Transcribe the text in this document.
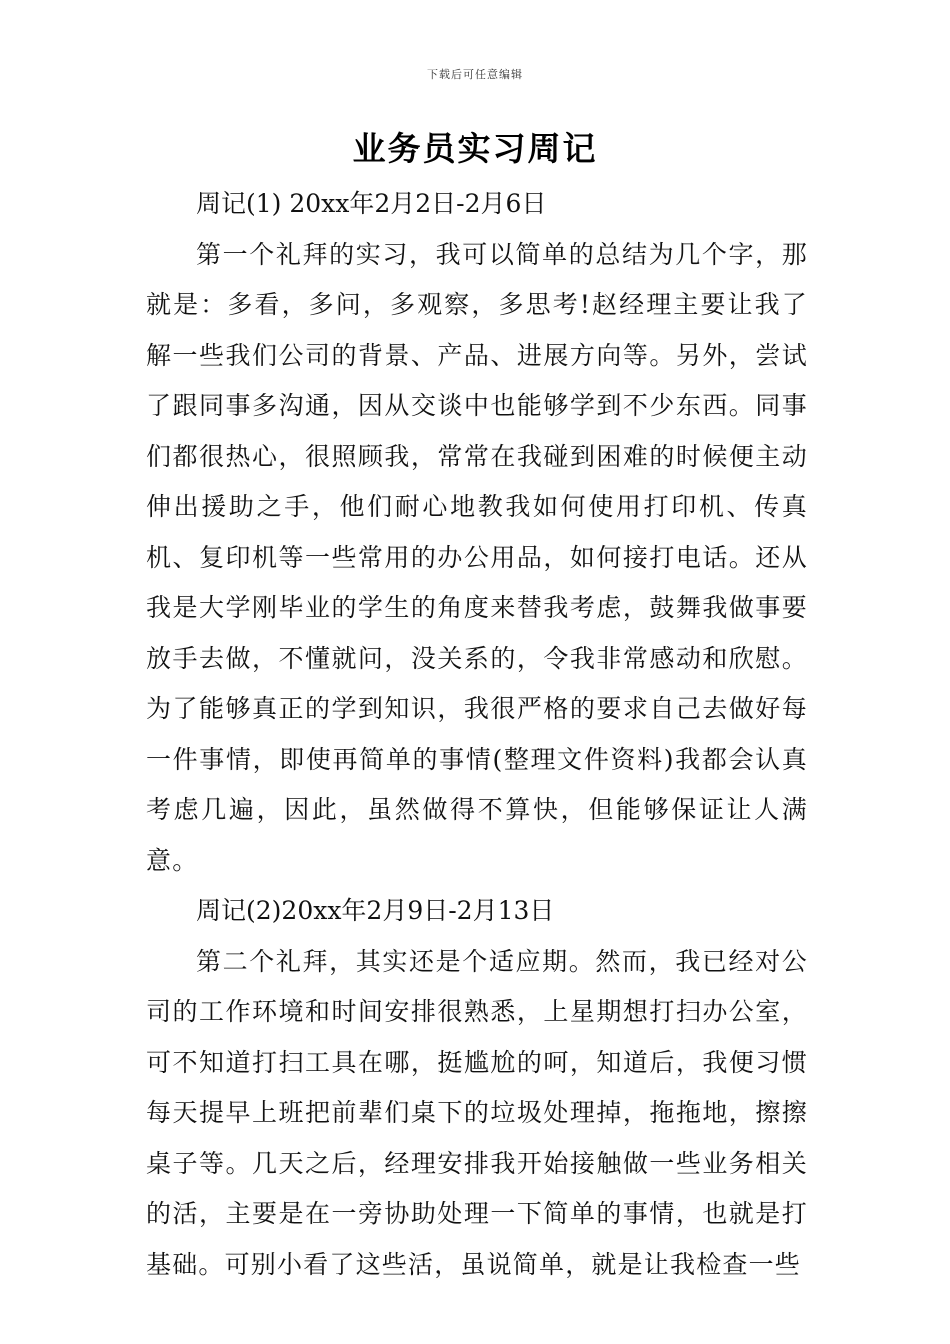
下载后可任意编辑
业务员实习周记

周记(1) 20xx年2月2日-2月6日

第一个礼拜的实习，我可以简单的总结为几个字，那就是：多看，多问，多观察，多思考!赵经理主要让我了解一些我们公司的背景、产品、进展方向等。另外，尝试了跟同事多沟通，因从交谈中也能够学到不少东西。同事们都很热心，很照顾我，常常在我碰到困难的时候便主动伸出援助之手，他们耐心地教我如何使用打印机、传真机、复印机等一些常用的办公用品，如何接打电话。还从我是大学刚毕业的学生的角度来替我考虑，鼓舞我做事要放手去做，不懂就问，没关系的，令我非常感动和欣慰。为了能够真正的学到知识，我很严格的要求自己去做好每一件事情，即使再简单的事情(整理文件资料)我都会认真考虑几遍，因此，虽然做得不算快，但能够保证让人满意。

周记(2)20xx年2月9日-2月13日

第二个礼拜，其实还是个适应期。然而，我已经对公司的工作环境和时间安排很熟悉，上星期想打扫办公室，可不知道打扫工具在哪，挺尴尬的呵，知道后，我便习惯每天提早上班把前辈们桌下的垃圾处理掉，拖拖地，擦擦桌子等。几天之后，经理安排我开始接触做一些业务相关的活，主要是在一旁协助处理一下简单的事情，也就是打基础。可别小看了这些活，虽说简单，就是让我检查一些
